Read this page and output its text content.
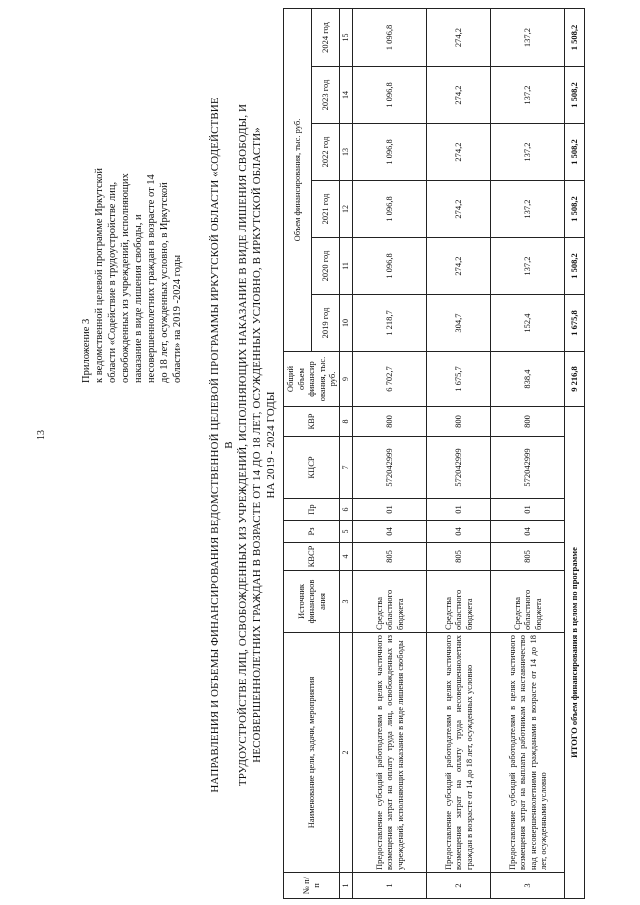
13
Приложение 3 к ведомственной целевой программе Иркутской области «Содействие в трудоустройстве лиц, освобожденных из учреждений, исполняющих наказание в виде лишения свободы, и несовершеннолетних граждан в возрасте от 14 до 18 лет, осужденных условно, в Иркутской области» на 2019 -2024 годы НАПРАВЛЕНИЯ И ОБЪЕМЫ ФИНАНСИРОВАНИЯ ВЕДОМСТВЕННОЙ ЦЕЛЕВОЙ ПРОГРАММЫ ИРКУТСКОЙ ОБЛАСТИ «СОДЕЙСТВИЕ В ТРУДОУСТРОЙСТВЕ ЛИЦ, ОСВОБОЖДЕННЫХ ИЗ УЧРЕЖДЕНИЙ, ИСПОЛНЯЮЩИХ НАКАЗАНИЕ В ВИДЕ ЛИШЕНИЯ СВОБОДЫ, И НЕСОВЕРШЕННОЛЕТНИХ ГРАЖДАН В ВОЗРАСТЕ ОТ 14 ДО 18 ЛЕТ, ОСУЖДЕННЫХ УСЛОВНО, В ИРКУТСКОЙ ОБЛАСТИ» НА 2019 - 2024 ГОДЫ
№ п/п	Наименование цели, задачи, мероприятия	Источник финансиров ания	КВСР	Рз	Пр	КЦСР	КВР	Общий объем финансир ования, тыс. руб.	Объем финансирования, тыс. руб.					
									2019 год	2020 год	2021 год	2022 год	2023 год	2024 год
1	2	3	4	5	6	7	8	9	10	11	12	13	14	15
1	Предоставление субсидий работодателям в целях частичного возмещения затрат на оплату труда лиц, освобожденных из учреждений, исполняющих наказание в виде лишения свободы	Средства областного бюджета	805	04	01	572042999	800	6 702,7	1 218,7	1 096,8	1 096,8	1 096,8	1 096,8	1 096,8
2	Предоставление субсидий работодателям в целях частичного возмещения затрат на оплату труда несовершеннолетних граждан в возрасте от 14 до 18 лет, осужденных условно	Средства областного бюджета	805	04	01	572042999	800	1 675,7	304,7	274,2	274,2	274,2	274,2	274,2
3	Предоставление субсидий работодателям в целях частичного возмещения затрат на выплаты работникам за наставничество над несовершеннолетними гражданами в возрасте от 14 до 18 лет, осужденными условно	Средства областного бюджета	805	04	01	572042999	800	838,4	152,4	137,2	137,2	137,2	137,2	137,2
ИТОГО объем финансирования в целом по программе								9 216,8	1 675,8	1 508,2	1 508,2	1 508,2	1 508,2	1 508,2
